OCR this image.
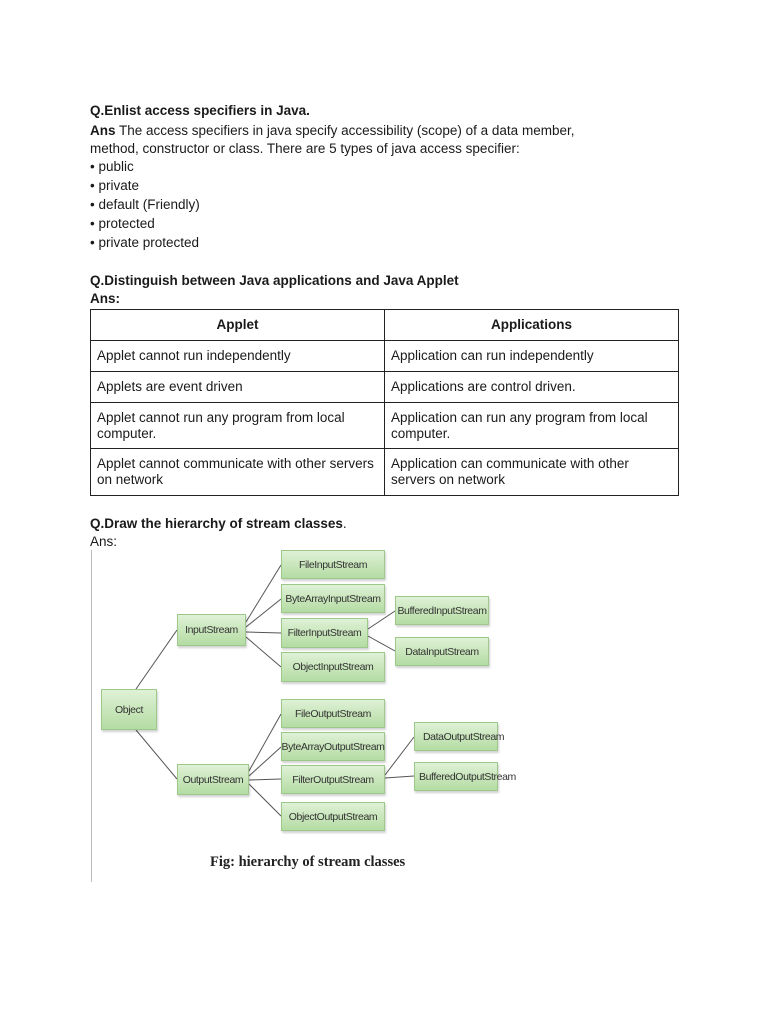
Q.Enlist access specifiers in Java.
Ans The access specifiers in java specify accessibility (scope) of a data member,
method, constructor or class. There are 5 types of java access specifier:
• public
• private
• default (Friendly)
• protected
• private protected
Q.Distinguish between Java applications and Java Applet
Ans:
Applet	Applications
Applet cannot run independently	Application can run independently
Applets are event driven	Applications are control driven.
Applet cannot run any program from local computer.	Application can run any program from local computer.
Applet cannot communicate with other servers on network	Application can communicate with other servers on network
Q.Draw the hierarchy of stream classes.
Ans:
Object
InputStream
OutputStream
FileInputStream
ByteArrayInputStream
FilterInputStream
ObjectInputStream
BufferedInputStream
DataInputStream
FileOutputStream
ByteArrayOutputStream
FilterOutputStream
ObjectOutputStream
DataOutputStream
BufferedOutputStream
Fig: hierarchy of stream classes
